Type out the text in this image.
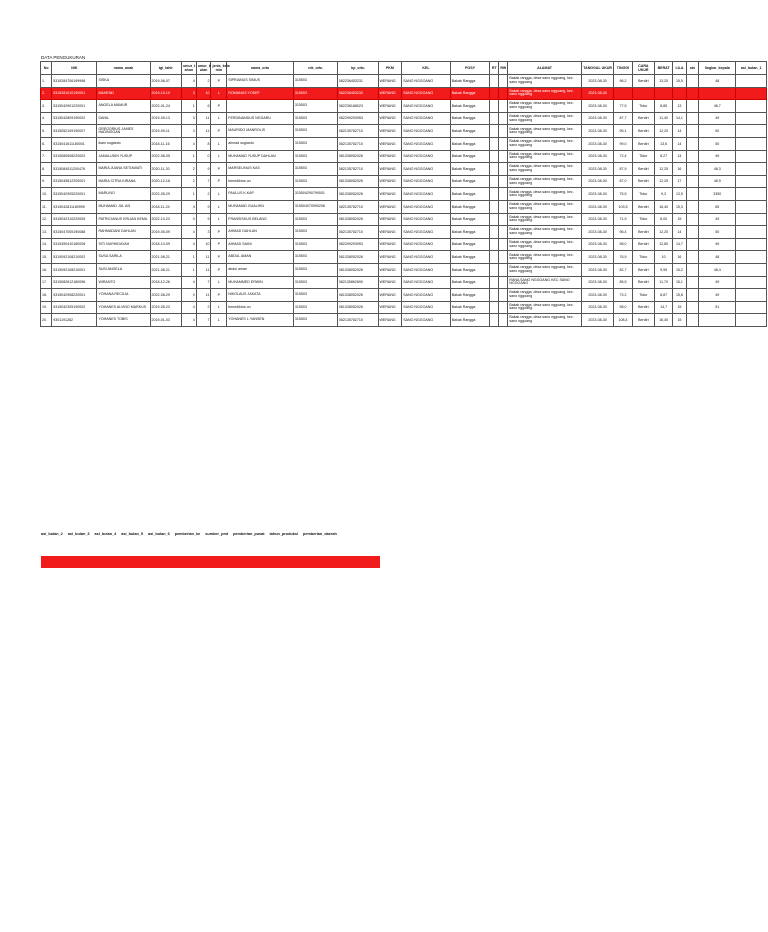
DATA PENGUKURAN
No	NIK	nama_anak	tgl_lahir	umur_t ahun	umur_b ulan	jenis_kela min	nama_ortu	nik_ortu	hp_ortu	PKM	KEL	POSY	RT	RW	ALAMAT	TANGGAL UKUR	TINGGI	CARA UKUR	BERAT	LILA	sts	lingkar_kepala	asi_bulan_1
1.	5315284706199998	SISKA	2019-06-07	4	2	P	SIPRIANUS SIMUS	315503	082236453231	WERANG	SANO NGGOANG	Bakak Rangga			Bakak rangga, desa sano nggoang, kec. sano nggoang	2023-08-30	96,2	Berdiri	13,20	15,5		48	
2.	5315281010190001	MAHEND	2019-10-10	3	10	L	ROMANUS YOSEF	315503	082236453230	WERANG	SANO NGGOANG	Bakak Rangga			Bakak rangga, desa sano nggoang, kec. sano nggoang	2023-08-30							
3.	5315042901220001	ANGELA MAMUR	2022-01-24	1	6	P		315503	082236188023	WERANG	SANO NGGOANG	Bakak Rangga			Bakak rangga, desa sano nggoang, kec. sano nggoang	2023-08-30	77,5	Tidur	8,85	13		46,7	
4.	5315042809190002	DANIL	2019-09-13	3	11	L	FERDINANDUS NGGARU	315503	082299293953	WERANG	SANO NGGOANG	Bakak Rangga			Bakak rangga, desa sano nggoang, kec. sano nggoang	2023-08-30	87,7	Berdiri	11,40	14,1		49	
5.	5315052109190007	GREGORIUS JAMES HADINGGAN	2019-09-11	3	11	P	MAURIDO MANROLIS	315503	082135782710	WERANG	SANO NGGOANG	Bakak Rangga			Bakak rangga, desa sano nggoang, kec. sano nggoang	2023-08-30	95,1	Berdiri	12,20	14		50	
6.	5315041611180001	ikam sugianto	2018-11-16	4	8	L	ahmad sugianto	315503	082135782710	WERANG	SANO NGGOANG	Bakak Rangga			Bakak rangga, desa sano nggoang, kec. sano nggoang	2023-08-30	99,0	Berdiri	13,6	14		50	
7.	5315080508220002	JAMALUDIN YUSUP	2022-08-05	1	0	L	MUHAMAD YUSUP DAHLAN	315503	081338052026	WERANG	SANO NGGOANG	Bakak Rangga			Bakak rangga, desa sano nggoang, kec. sano nggoang	2023-08-30	72,4	Tidur	8,27	14		49	
8.	5315084511200476	MARIA JUANA SETIAWATI	2020-11-20	2	9	P	MARSELINUS KAS	315503	082135782710	WERANG	SANO NGGOANG	Bakak Rangga			Bakak rangga, desa sano nggoang, kec. sano nggoang	2023-08-30	87,9	Berdiri	12,25	16		48,3	
9.	5315045812200001	MARIA CITRA KIRANA	2020-12-18	2	7	P	benediktus on	315503	081338052026	WERANG	SANO NGGOANG	Bakak Rangga			Bakak rangga, desa sano nggoang, kec. sano nggoang	2023-08-30	87,0	Berdiri	12,25	17		48,9	
10.	5315042905220001	MARLINO	2022-05-29	1	2	L	PAULUS K.KAP	315504290799001	081338052026	WERANG	SANO NGGOANG	Bakak Rangga			Bakak rangga, desa sano nggoang, kec. sano nggoang	2023-08-30	75,5	Tidur	9,3	13,5		3350	
11.	5315042811180999	MUHAMAD JUL AN	2018-11-24	4	9	L	MUHAMAD GUALHIN	315504070590208	082135782710	WERANG	SANO NGGOANG	Bakak Rangga			Bakak rangga, desa sano nggoang, kec. sano nggoang	2023-08-30	103,5	Berdiri	16,40	15,3		65	
12.	5315042310220005	PATRICIANUS KRLIAN KEMA	2022-10-23	0	9	L	FRANSISKUS BELANG	315503	081338052026	WERANG	SANO NGGOANG	Bakak Rangga			Bakak rangga, desa sano nggoang, kec. sano nggoang	2023-08-30	71,9	Tidur	8,00	15		49	
13.	5315047005190088	RAHMADANI DAHLAN	2019-05-09	4	3	P	AHMAD DAHLAN	315503	082135782710	WERANG	SANO NGGOANG	Bakak Rangga			Bakak rangga, desa sano nggoang, kec. sano nggoang	2023-08-30	96,4	Berdiri	12,20	14		50	
14.	5315390410180008	SITI NURHIDAYAH	2018-10-09	4	10	P	AHMAD SAINI	315503	082299293953	WERANG	SANO NGGOANG	Bakak Rangga			Bakak rangga, desa sano nggoang, kec. sano nggoang	2023-08-30	98,0	Berdiri	12,80	14,7		49	
15.	5315092108210002	SUSA SARILA	2021-08-21	1	11	P	ABDUL AMAN	315503	081338052026	WERANG	SANO NGGOANG	Bakak Rangga			Bakak rangga, desa sano nggoang, kec. sano nggoang	2023-08-30	76,9	Tidur	10	16		48	
16.	5315092108210001	SUSI ANGELA	2021-08-21	1	11	P	abdul aman	315503	081338052026	WERANG	SANO NGGOANG	Bakak Rangga			Bakak rangga, desa sano nggoang, kec. sano nggoang	2023-08-30	82,7	Berdiri	9,95	15,2		48,4	
17.	5315082612180096	WIRANTO	2018-12-26	4	7	L	MUHAMMED ERWIN	315503	082135862690	WERANG	SANO NGGOANG	Bakak Rangga			RANA SANO NGGOANG KEC SANO NGGOANG	2023-08-30	85,5	Berdiri	11,70	15,1		49	
18.	5315042908220001	YOHANA RECILIA	2022-08-29	0	11	P	NIKOLAUS JAKATA	315503	081338052026	WERANG	SANO NGGOANG	Bakak Rangga			Bakak rangga, desa sano nggoang, kec. sano nggoang	2023-08-30	73,2	Tidur	8,87	15,8		49	
19.	5315042305190002	YOHANES ALVINO MARKUS	2019-05-23	4	2	L	benediktus on	315503	081338052026	WERANG	SANO NGGOANG	Bakak Rangga			Bakak rangga, desa sano nggoang, kec. sano nggoang	2023-08-30	98,0	Berdiri	14,7	15		51	
20.	9301191282	YOHANES TOBIS	2019-01-03	4	7	L	YOHANES L.YANSEN	315503	082135782710	WERANG	SANO NGGOANG	Bakak Rangga			Bakak rangga, desa sano nggoang, kec. sano nggoang	2023-08-30	108,4	Berdiri	16,40	15			
asi_bulan_2 asi_bulan_3 asi_bulan_4 asi_bulan_5 asi_bulan_6 pemberian_ke sumber_pmt pemberian_pusat tahun_produksi pemberian_daerah
